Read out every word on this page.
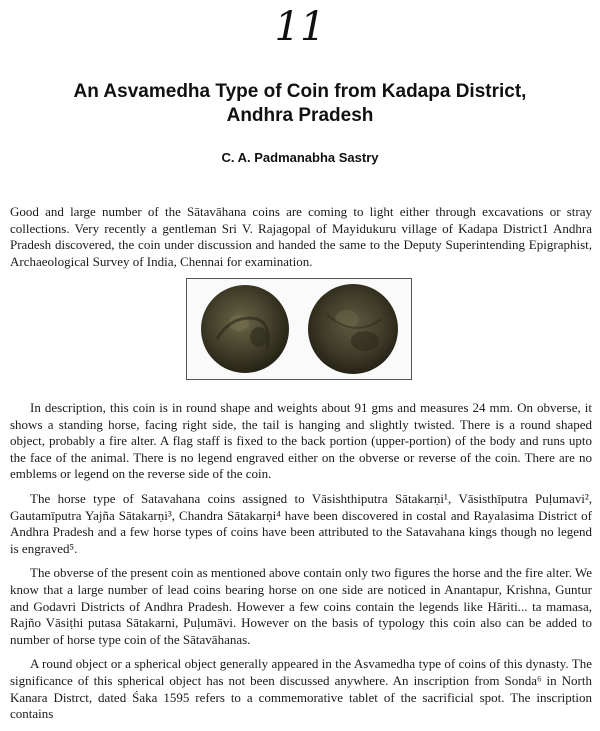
11
An Asvamedha Type of Coin from Kadapa District,
Andhra Pradesh
C. A. Padmanabha Sastry

Good and large number of the Sātavāhana coins are coming to light either through excavations or stray collections. Very recently a gentleman Sri V. Rajagopal of Mayidukuru village of Kadapa District1 Andhra Pradesh discovered, the coin under discussion and handed the same to the Deputy Superintending Epigraphist, Archaeological Survey of India, Chennai for examination.

In description, this coin is in round shape and weights about 91 gms and measures 24 mm. On obverse, it shows a standing horse, facing right side, the tail is hanging and slightly twisted. There is a round shaped object, probably a fire alter. A flag staff is fixed to the back portion (upper-portion) of the body and runs upto the face of the animal. There is no legend engraved either on the obverse or reverse of the coin. There are no emblems or legend on the reverse side of the coin.

The horse type of Satavahana coins assigned to Vāsishthiputra Sātakarṇi¹, Vāsisthīputra Puḷumavi², Gautamīputra Yajña Sātakarṇi³, Chandra Sātakarṇi⁴ have been discovered in costal and Rayalasima District of Andhra Pradesh and a few horse types of coins have been attributed to the Satavahana kings though no legend is engraved⁵.

The obverse of the present coin as mentioned above contain only two figures the horse and the fire alter. We know that a large number of lead coins bearing horse on one side are noticed in Anantapur, Krishna, Guntur and Godavri Districts of Andhra Pradesh. However a few coins contain the legends like Hāriti... ta mamasa, Rajño Vāsiṭhi putasa Sātakarni, Puḷumāvi. However on the basis of typology this coin also can be added to number of horse type coin of the Sātavāhanas.

A round object or a spherical object generally appeared in the Asvamedha type of coins of this dynasty. The significance of this spherical object has not been discussed anywhere. An inscription from Sonda⁶ in North Kanara Distrct, dated Śaka 1595 refers to a commemorative tablet of the sacrificial spot. The inscription contains
